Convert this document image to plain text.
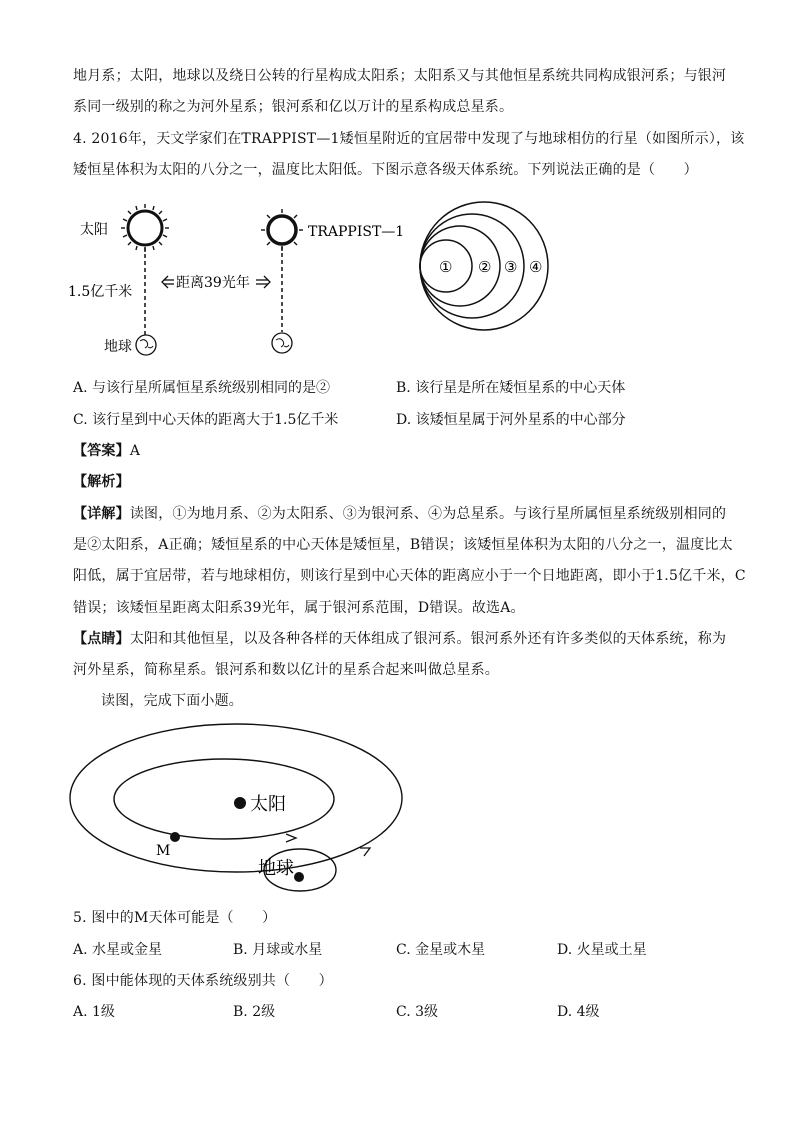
地月系；太阳，地球以及绕日公转的行星构成太阳系；太阳系又与其他恒星系统共同构成银河系；与银河
系同一级别的称之为河外星系；银河系和亿以万计的星系构成总星系。
4. 2016年，天文学家们在TRAPPIST—1矮恒星附近的宜居带中发现了与地球相仿的行星（如图所示），该
矮恒星体积为太阳的八分之一，温度比太阳低。下图示意各级天体系统。下列说法正确的是（　　）
太阳
1.5亿千米
地球
距离39光年
TRAPPIST—1
① ② ③ ④
A. 与该行星所属恒星系统级别相同的是②	B. 该行星是所在矮恒星系的中心天体
C. 该行星到中心天体的距离大于1.5亿千米	D. 该矮恒星属于河外星系的中心部分
【答案】A
【解析】
【详解】读图，①为地月系、②为太阳系、③为银河系、④为总星系。与该行星所属恒星系统级别相同的
是②太阳系，A正确；矮恒星系的中心天体是矮恒星，B错误；该矮恒星体积为太阳的八分之一，温度比太
阳低，属于宜居带，若与地球相仿，则该行星到中心天体的距离应小于一个日地距离，即小于1.5亿千米，C
错误；该矮恒星距离太阳系39光年，属于银河系范围，D错误。故选A。
【点睛】太阳和其他恒星，以及各种各样的天体组成了银河系。银河系外还有许多类似的天体系统，称为
河外星系，简称星系。银河系和数以亿计的星系合起来叫做总星系。
读图，完成下面小题。
太阳
M
地球
5. 图中的M天体可能是（　　）
A. 水星或金星	B. 月球或水星	C. 金星或木星	D. 火星或土星
6. 图中能体现的天体系统级别共（　　）
A. 1级	B. 2级	C. 3级	D. 4级
